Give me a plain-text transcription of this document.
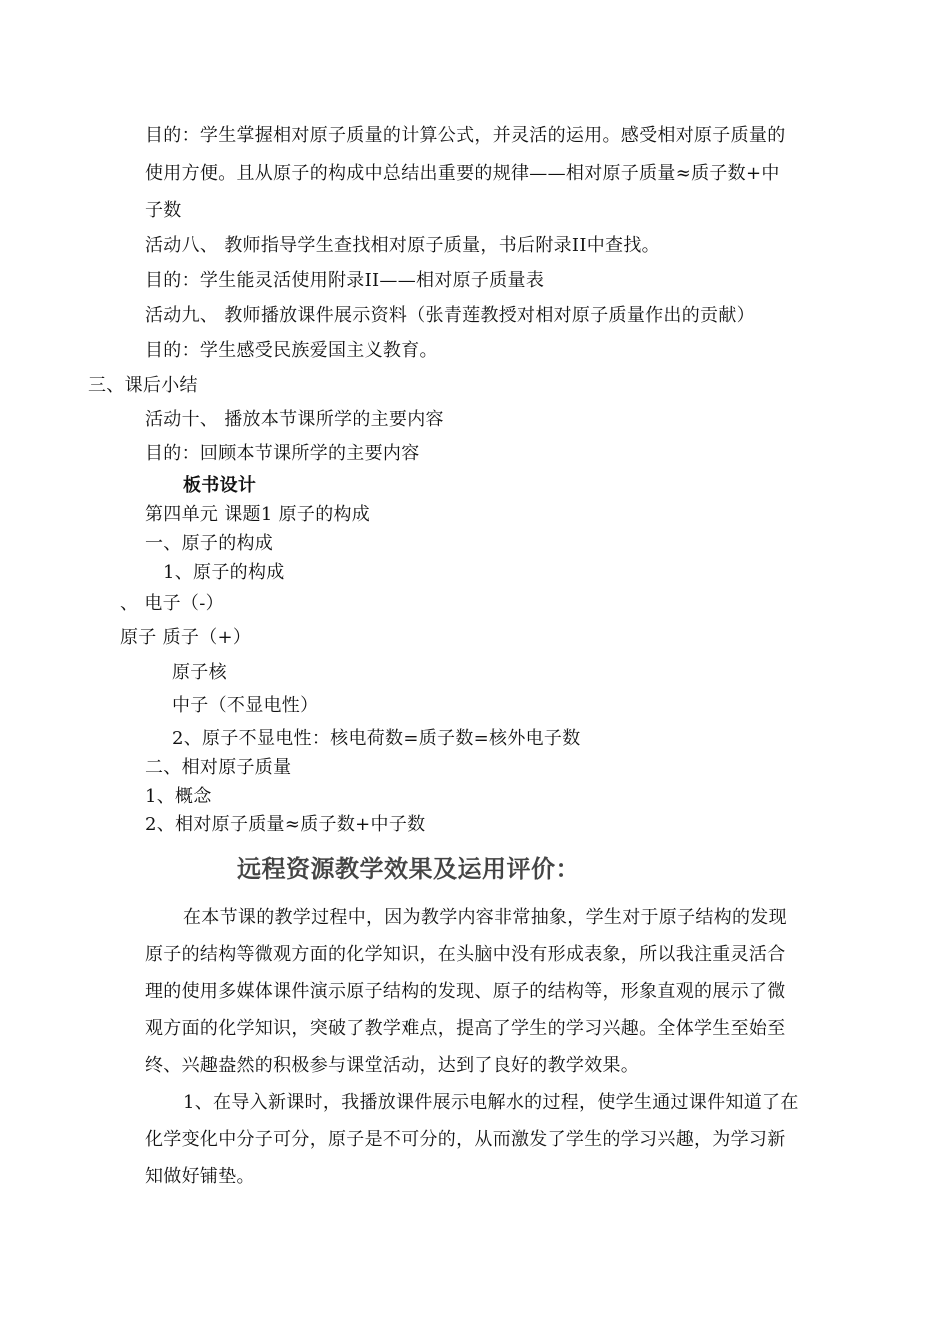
目的：学生掌握相对原子质量的计算公式，并灵活的运用。感受相对原子质量的
使用方便。且从原子的构成中总结出重要的规律——相对原子质量≈质子数+中
子数
活动八、 教师指导学生查找相对原子质量，书后附录II中查找。
目的：学生能灵活使用附录II——相对原子质量表
活动九、 教师播放课件展示资料（张青莲教授对相对原子质量作出的贡献）
目的：学生感受民族爱国主义教育。
三、课后小结
活动十、 播放本节课所学的主要内容
目的：回顾本节课所学的主要内容
板书设计
第四单元 课题1 原子的构成
一、原子的构成
1、原子的构成
、 电子（-）
原子 质子（+）
原子核
中子（不显电性）
2、原子不显电性：核电荷数=质子数=核外电子数
二、相对原子质量
1、概念
2、相对原子质量≈质子数+中子数
远程资源教学效果及运用评价：
在本节课的教学过程中，因为教学内容非常抽象，学生对于原子结构的发现
原子的结构等微观方面的化学知识，在头脑中没有形成表象，所以我注重灵活合
理的使用多媒体课件演示原子结构的发现、原子的结构等，形象直观的展示了微
观方面的化学知识，突破了教学难点，提高了学生的学习兴趣。全体学生至始至
终、兴趣盎然的积极参与课堂活动，达到了良好的教学效果。
1、在导入新课时，我播放课件展示电解水的过程，使学生通过课件知道了在
化学变化中分子可分，原子是不可分的，从而激发了学生的学习兴趣，为学习新
知做好铺垫。
